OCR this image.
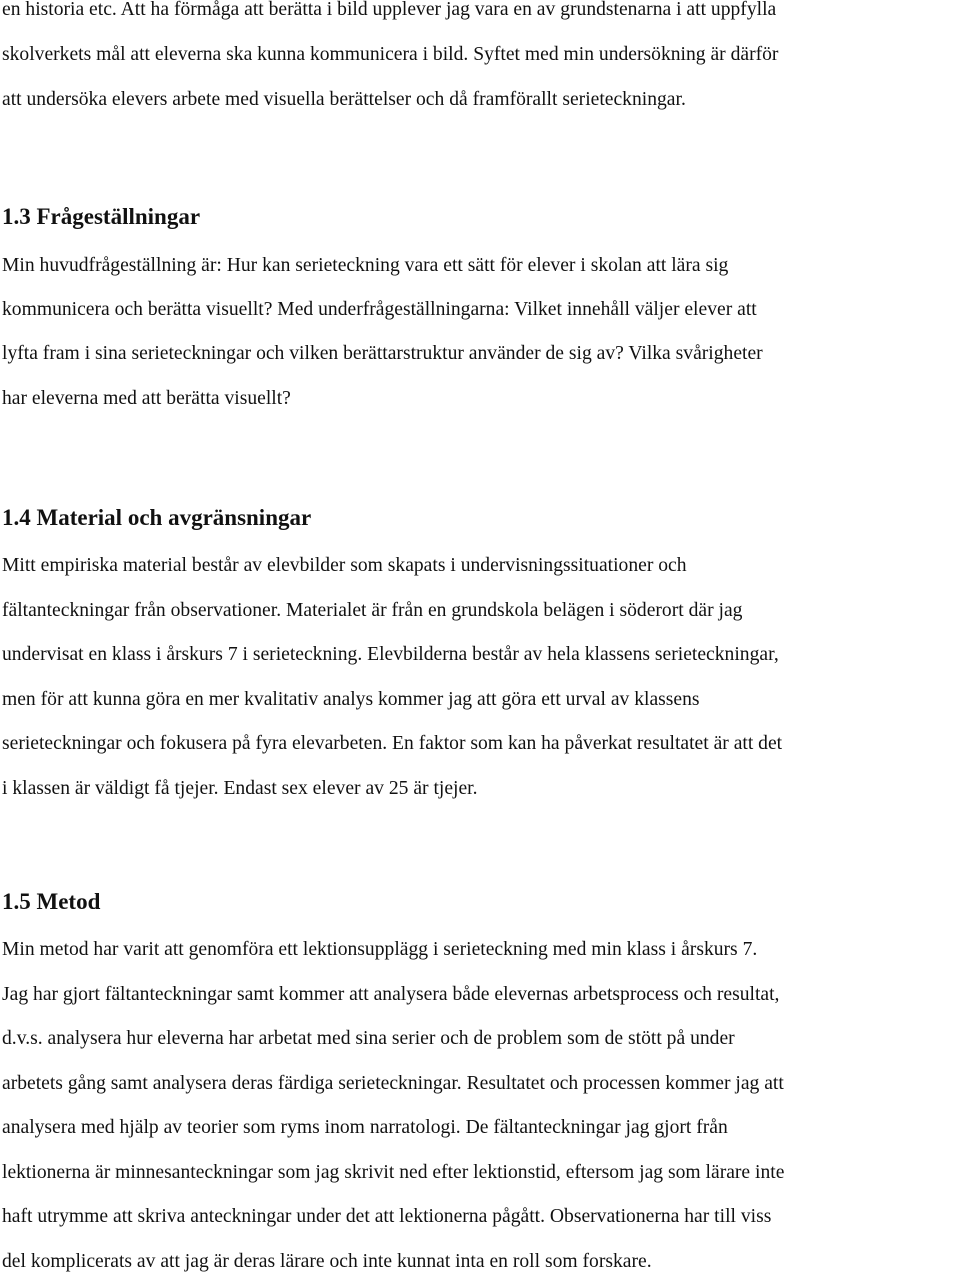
en historia etc. Att ha förmåga att berätta i bild upplever jag vara en av grundstenarna i att uppfylla
skolverkets mål att eleverna ska kunna kommunicera i bild. Syftet med min undersökning är därför
att undersöka elevers arbete med visuella berättelser och då framförallt serieteckningar.
1.3 Frågeställningar
Min huvudfrågeställning är: Hur kan serieteckning vara ett sätt för elever i skolan att lära sig
kommunicera och berätta visuellt? Med underfrågeställningarna: Vilket innehåll väljer elever att
lyfta fram i sina serieteckningar och vilken berättarstruktur använder de sig av? Vilka svårigheter
har eleverna med att berätta visuellt?
1.4 Material och avgränsningar
Mitt empiriska material består av elevbilder som skapats i undervisningssituationer och
fältanteckningar från observationer. Materialet är från en grundskola belägen i söderort där jag
undervisat en klass i årskurs 7 i serieteckning. Elevbilderna består av hela klassens serieteckningar,
men för att kunna göra en mer kvalitativ analys kommer jag att göra ett urval av klassens
serieteckningar och fokusera på fyra elevarbeten. En faktor som kan ha påverkat resultatet är att det
i klassen är väldigt få tjejer. Endast sex elever av 25 är tjejer.
1.5 Metod
Min metod har varit att genomföra ett lektionsupplägg i serieteckning med min klass i årskurs 7.
Jag har gjort fältanteckningar samt kommer att analysera både elevernas arbetsprocess och resultat,
d.v.s. analysera hur eleverna har arbetat med sina serier och de problem som de stött på under
arbetets gång samt analysera deras färdiga serieteckningar. Resultatet och processen kommer jag att
analysera med hjälp av teorier som ryms inom narratologi. De fältanteckningar jag gjort från
lektionerna är minnesanteckningar som jag skrivit ned efter lektionstid, eftersom jag som lärare inte
haft utrymme att skriva anteckningar under det att lektionerna pågått. Observationerna har till viss
del komplicerats av att jag är deras lärare och inte kunnat inta en roll som forskare.
